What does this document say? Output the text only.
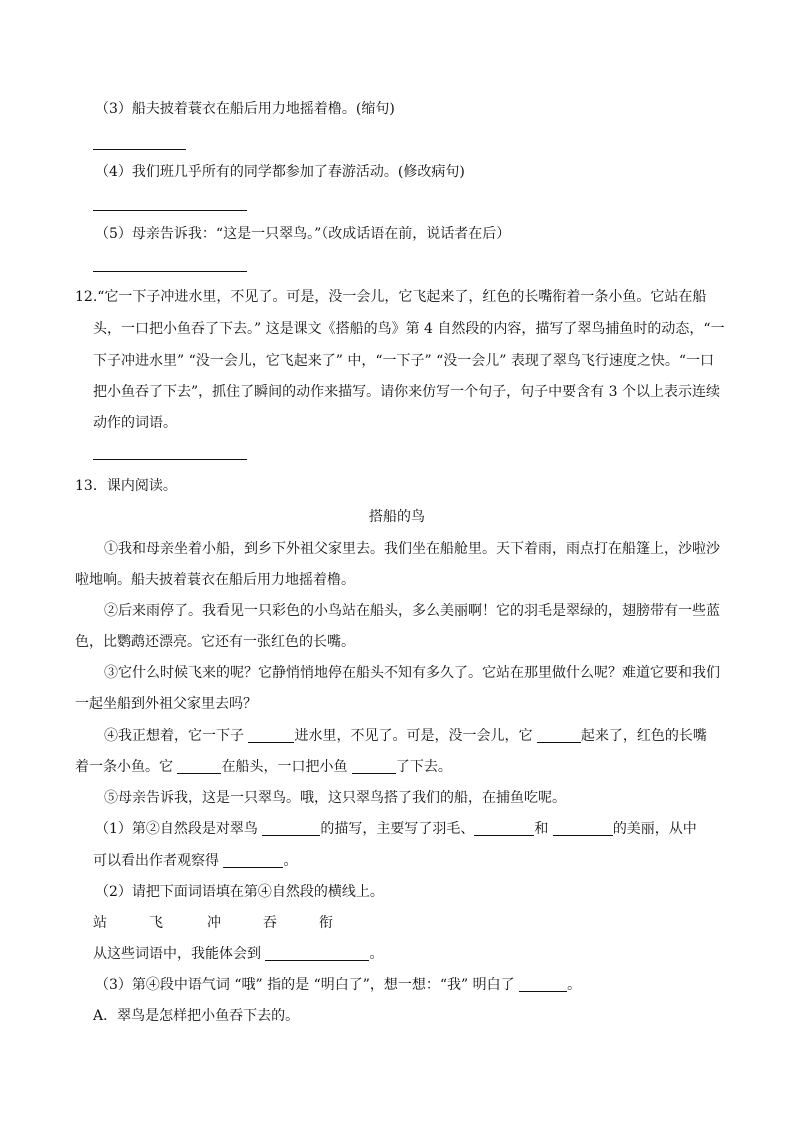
（3）船夫披着蓑衣在船后用力地摇着橹。(缩句)
（4）我们班几乎所有的同学都参加了春游活动。(修改病句)
（5）母亲告诉我：“这是一只翠鸟。”（改成话语在前，说话者在后）
12.“它一下子冲进水里，不见了。可是，没一会儿，它飞起来了，红色的长嘴衔着一条小鱼。它站在船
头，一口把小鱼吞了下去。” 这是课文《搭船的鸟》第 4 自然段的内容，描写了翠鸟捕鱼时的动态，“一
下子冲进水里” “没一会儿，它飞起来了” 中，“一下子” “没一会儿” 表现了翠鸟飞行速度之快。“一口
把小鱼吞了下去”，抓住了瞬间的动作来描写。请你来仿写一个句子，句子中要含有 3 个以上表示连续
动作的词语。
13．课内阅读。
搭船的鸟
①我和母亲坐着小船，到乡下外祖父家里去。我们坐在船舱里。天下着雨，雨点打在船篷上，沙啦沙
啦地响。船夫披着蓑衣在船后用力地摇着橹。
②后来雨停了。我看见一只彩色的小鸟站在船头，多么美丽啊！它的羽毛是翠绿的，翅膀带有一些蓝
色，比鹦鹉还漂亮。它还有一张红色的长嘴。
③它什么时候飞来的呢？它静悄悄地停在船头不知有多久了。它站在那里做什么呢？难道它要和我们
一起坐船到外祖父家里去吗？
④我正想着，它一下子	进水里，不见了。可是，没一会儿，它	起来了，红色的长嘴
着一条小鱼。它	在船头，一口把小鱼	了下去。
⑤母亲告诉我，这是一只翠鸟。哦，这只翠鸟搭了我们的船，在捕鱼吃呢。
（1）第②自然段是对翠鸟	的描写，主要写了羽毛、	和	的美丽，从中
可以看出作者观察得	。
（2）请把下面词语填在第④自然段的横线上。
站	飞	冲	吞	衔
从这些词语中，我能体会到	。
（3）第④段中语气词 “哦” 指的是 “明白了”，想一想：“我” 明白了	。
A．翠鸟是怎样把小鱼吞下去的。
